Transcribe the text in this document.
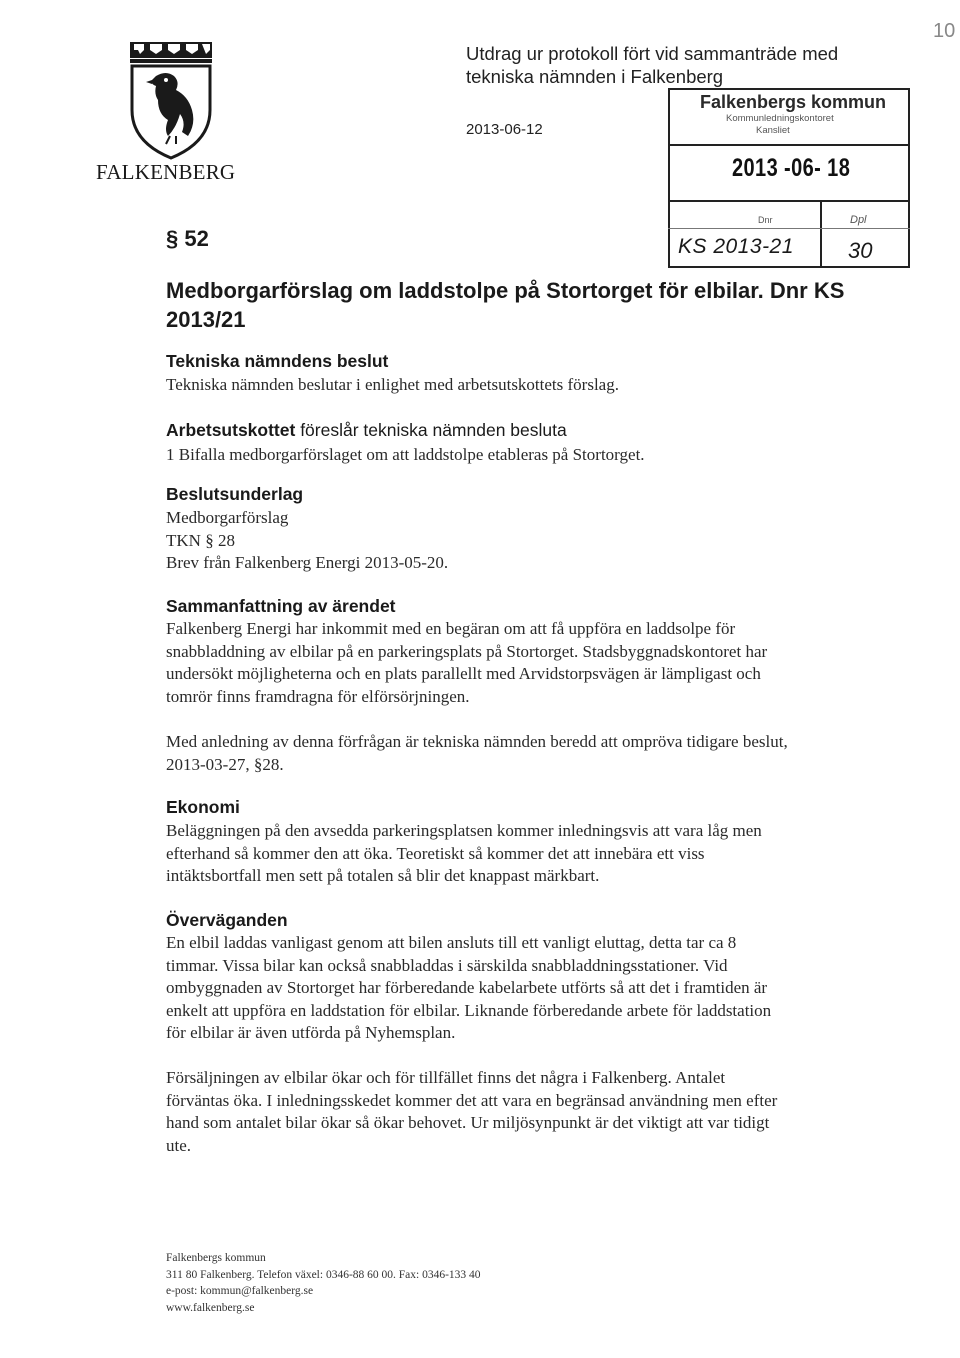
FALKENBERG
Utdrag ur protokoll fört vid sammanträde med
tekniska nämnden i Falkenberg
2013-06-12
10
Falkenbergs kommun
Kommunledningskontoret
Kansliet
2013 -06- 18
Dnr	Dpl
KS 2013-21 30
§ 52
Medborgarförslag om laddstolpe på Stortorget för elbilar. Dnr KS
2013/21
Tekniska nämndens beslut
Tekniska nämnden beslutar i enlighet med arbetsutskottets förslag.
Arbetsutskottet föreslår tekniska nämnden besluta
1 Bifalla medborgarförslaget om att laddstolpe etableras på Stortorget.
Beslutsunderlag
Medborgarförslag
TKN § 28
Brev från Falkenberg Energi 2013-05-20.
Sammanfattning av ärendet
Falkenberg Energi har inkommit med en begäran om att få uppföra en laddsolpe för
snabbladdning av elbilar på en parkeringsplats på Stortorget. Stadsbyggnadskontoret har
undersökt möjligheterna och en plats parallellt med Arvidstorpsvägen är lämpligast och
tomrör finns framdragna för elförsörjningen.
Med anledning av denna förfrågan är tekniska nämnden beredd att ompröva tidigare beslut,
2013-03-27, §28.
Ekonomi
Beläggningen på den avsedda parkeringsplatsen kommer inledningsvis att vara låg men
efterhand så kommer den att öka. Teoretiskt så kommer det att innebära ett viss
intäktsbortfall men sett på totalen så blir det knappast märkbart.
Överväganden
En elbil laddas vanligast genom att bilen ansluts till ett vanligt eluttag, detta tar ca 8
timmar. Vissa bilar kan också snabbladdas i särskilda snabbladdningsstationer. Vid
ombyggnaden av Stortorget har förberedande kabelarbete utförts så att det i framtiden är
enkelt att uppföra en laddstation för elbilar. Liknande förberedande arbete för laddstation
för elbilar är även utförda på Nyhemsplan.
Försäljningen av elbilar ökar och för tillfället finns det några i Falkenberg. Antalet
förväntas öka. I inledningsskedet kommer det att vara en begränsad användning men efter
hand som antalet bilar ökar så ökar behovet. Ur miljösynpunkt är det viktigt att var tidigt
ute.
Falkenbergs kommun
311 80 Falkenberg. Telefon växel: 0346-88 60 00. Fax: 0346-133 40
e-post: kommun@falkenberg.se
www.falkenberg.se
